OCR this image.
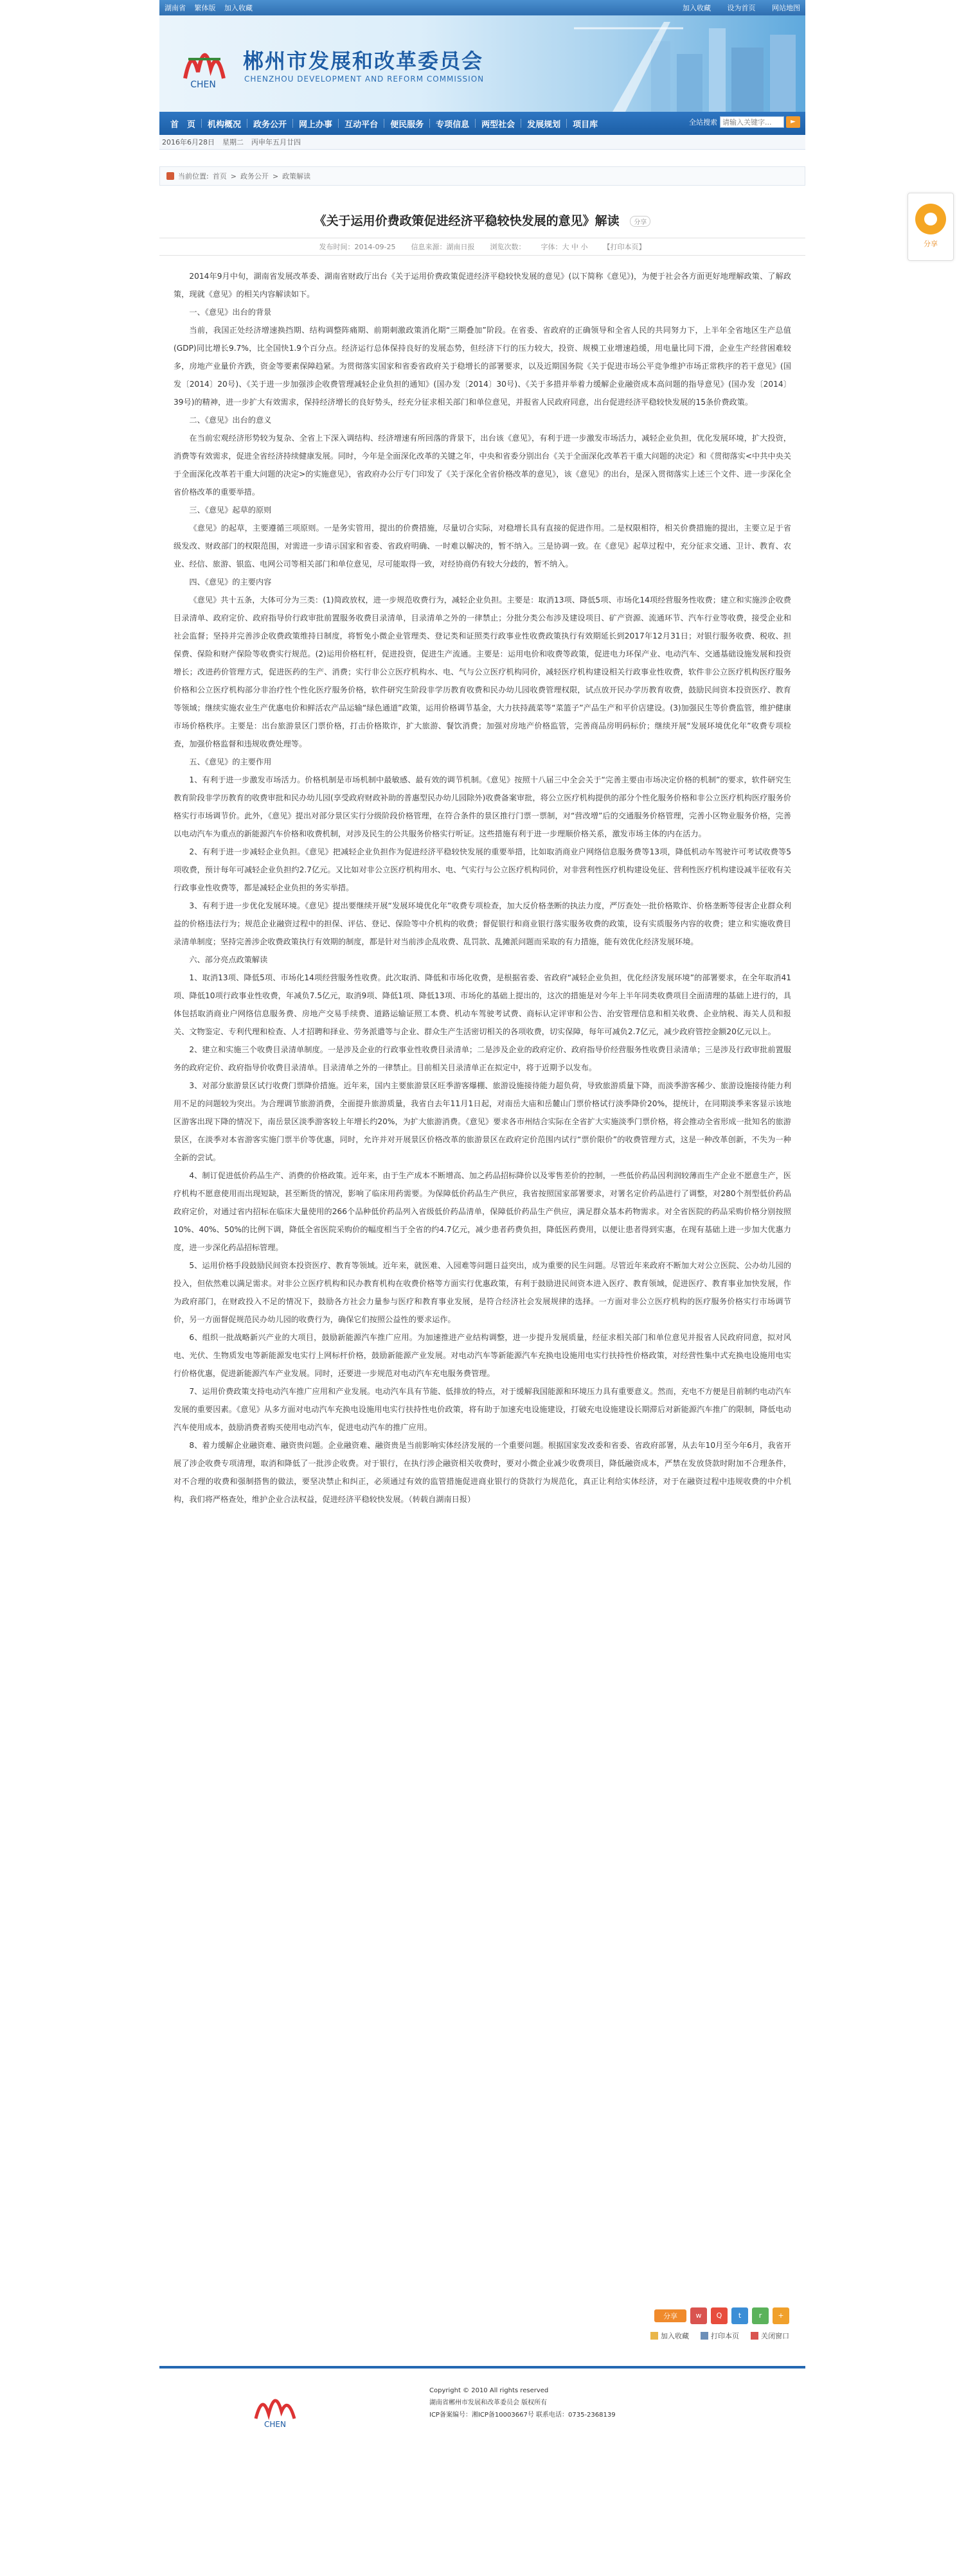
湖南省 繁体版 加入收藏	加入收藏 设为首页 网站地图
CHEN
郴州市发展和改革委员会
CHENZHOU DEVELOPMENT AND REFORM COMMISSION
首　页	机构概况	政务公开	网上办事	互动平台	便民服务	专项信息	两型社会	发展规划	项目库	全站搜索
请输入关键字...	►
2016年6月28日 星期二 丙申年五月廿四
当前位置: 首页 > 政务公开 > 政策解读
《关于运用价费政策促进经济平稳较快发展的意见》解读 分享
发布时间：2014-09-25 信息来源：湖南日报 浏览次数： 字体：大 中 小 【打印本页】

2014年9月中旬，湖南省发展改革委、湖南省财政厅出台《关于运用价费政策促进经济平稳较快发展的意见》(以下简称《意见》)，为便于社会各方面更好地理解政策、了解政策，现就《意见》的相关内容解读如下。

一、《意见》出台的背景

当前，我国正处经济增速换挡期、结构调整阵痛期、前期刺激政策消化期“三期叠加”阶段。在省委、省政府的正确领导和全省人民的共同努力下，上半年全省地区生产总值(GDP)同比增长9.7%，比全国快1.9个百分点。经济运行总体保持良好的发展态势，但经济下行的压力较大，投资、规模工业增速趋缓，用电量比同下滑，企业生产经营困难较多，房地产业量价齐跌，资金等要素保障趋紧。为贯彻落实国家和省委省政府关于稳增长的部署要求，以及近期国务院《关于促进市场公平竞争维护市场正常秩序的若干意见》(国发〔2014〕20号)、《关于进一步加强涉企收费管理减轻企业负担的通知》(国办发〔2014〕30号)、《关于多措并举着力缓解企业融资成本高问题的指导意见》(国办发〔2014〕39号)的精神，进一步扩大有效需求，保持经济增长的良好势头，经充分征求相关部门和单位意见，并报省人民政府同意，出台促进经济平稳较快发展的15条价费政策。

二、《意见》出台的意义

在当前宏观经济形势较为复杂、全省上下深入调结构、经济增速有所回落的背景下，出台该《意见》，有利于进一步激发市场活力，减轻企业负担，优化发展环境，扩大投资，消费等有效需求，促进全省经济持续健康发展。同时，今年是全面深化改革的关键之年，中央和省委分别出台《关于全面深化改革若干重大问题的决定》和《贯彻落实<中共中央关于全面深化改革若干重大问题的决定>的实施意见》，省政府办公厅专门印发了《关于深化全省价格改革的意见》，该《意见》的出台，是深入贯彻落实上述三个文件、进一步深化全省价格改革的重要举措。

三、《意见》起草的原则

《意见》的起草，主要遵循三项原则。一是务实管用，提出的价费措施，尽量切合实际，对稳增长具有直接的促进作用。二是权限相符，相关价费措施的提出，主要立足于省级发改、财政部门的权限范围，对需进一步请示国家和省委、省政府明确、一时难以解决的，暂不纳入。三是协调一致。在《意见》起草过程中，充分征求交通、卫计、教育、农业、经信、旅游、银监、电网公司等相关部门和单位意见，尽可能取得一致，对经协商仍有较大分歧的，暂不纳入。

四、《意见》的主要内容

《意见》共十五条，大体可分为三类：(1)简政放权，进一步规范收费行为，减轻企业负担。主要是：取消13项、降低5项、市场化14项经营服务性收费；建立和实施涉企收费目录清单、政府定价、政府指导价行政审批前置服务收费目录清单，目录清单之外的一律禁止；分批分类公布涉及建设项目、矿产资源、流通环节、汽车行业等收费，接受企业和社会监督；坚持并完善涉企收费政策维持日制度，将暂免小微企业管理类、登记类和证照类行政事业性收费政策执行有效期延长到2017年12月31日；对银行服务收费、税收、担保费、保险和财产保险等收费实行规范。(2)运用价格杠杆，促进投资，促进生产流通。主要是：运用电价和收费等政策，促进电力环保产业、电动汽车、交通基础设施发展和投资增长；改进药价管理方式，促进医药的生产、消费；实行非公立医疗机构水、电、气与公立医疗机构同价，减轻医疗机构建设相关行政事业性收费，软件非公立医疗机构医疗服务价格和公立医疗机构部分非治疗性个性化医疗服务价格，软件研究生阶段非学历教育收费和民办幼儿园收费管理权限，试点放开民办学历教育收费，鼓励民间资本投资医疗、教育等领域；继续实施农业生产优惠电价和鲜活农产品运输“绿色通道”政策，运用价格调节基金，大力扶持蔬菜等“菜篮子”产品生产和平价店建设。(3)加强民生等价费监管，维护健康市场价格秩序。主要是：出台旅游景区门票价格，打击价格欺诈，扩大旅游、餐饮消费；加强对房地产价格监管，完善商品房明码标价；继续开展“发展环境优化年”收费专项检查，加强价格监督和违规收费处理等。

五、《意见》的主要作用

1、有利于进一步激发市场活力。价格机制是市场机制中最敏感、最有效的调节机制。《意见》按照十八届三中全会关于“完善主要由市场决定价格的机制”的要求，软件研究生教育阶段非学历教育的收费审批和民办幼儿园(享受政府财政补助的普惠型民办幼儿园除外)收费备案审批，将公立医疗机构提供的部分个性化服务价格和非公立医疗机构医疗服务价格实行市场调节价。此外，《意见》提出对部分景区实行分级阶段价格管理，在符合条件的景区推行门票一票制，对“营改增”后的交通服务价格管理，完善小区物业服务价格，完善以电动汽车为重点的新能源汽车价格和收费机制，对涉及民生的公共服务价格实行听证。这些措施有利于进一步理顺价格关系，激发市场主体的内在活力。

2、有利于进一步减轻企业负担。《意见》把减轻企业负担作为促进经济平稳较快发展的重要举措，比如取消商业户网络信息服务费等13项，降低机动车驾驶许可考试收费等5项收费，预计每年可减轻企业负担约2.7亿元。又比如对非公立医疗机构用水、电、气实行与公立医疗机构同价，对非营利性医疗机构建设免征、营利性医疗机构建设减半征收有关行政事业性收费等，都是减轻企业负担的务实举措。

3、有利于进一步优化发展环境。《意见》提出要继续开展“发展环境优化年”收费专项检查，加大反价格垄断的执法力度，严厉查处一批价格欺诈、价格垄断等侵害企业群众利益的价格违法行为；规范企业融资过程中的担保、评估、登记、保险等中介机构的收费；督促银行和商业银行落实服务收费的政策，设有实质服务内容的收费；建立和实施收费目录清单制度；坚持完善涉企收费政策执行有效期的制度，都是针对当前涉企乱收费、乱罚款、乱摊派问题而采取的有力措施，能有效优化经济发展环境。

六、部分亮点政策解读

1、取消13项、降低5项、市场化14项经营服务性收费。此次取消、降低和市场化收费，是根据省委、省政府“减轻企业负担，优化经济发展环境”的部署要求，在全年取消41项、降低10项行政事业性收费，年减负7.5亿元，取消9项、降低1项、降低13项、市场化的基础上提出的，这次的措施是对今年上半年同类收费项目全面清理的基础上进行的，具体包括取消商业户网络信息服务费、房地产交易手续费、道路运输证照工本费、机动车驾驶考试费、商标认定评审和公告、治安管理信息和相关收费、企业纳税、海关人员和报关、文物鉴定、专利代理和检查、人才招聘和择业、劳务派遣等与企业、群众生产生活密切相关的各项收费，切实保障，每年可减负2.7亿元，减少政府管控金额20亿元以上。

2、建立和实施三个收费目录清单制度。一是涉及企业的行政事业性收费目录清单；二是涉及企业的政府定价、政府指导价经营服务性收费目录清单；三是涉及行政审批前置服务的政府定价、政府指导价收费目录清单。目录清单之外的一律禁止。目前相关目录清单正在拟定中，将于近期予以发布。

3、对部分旅游景区试行收费门票降价措施。近年来，国内主要旅游景区旺季游客爆棚、旅游设施接待能力超负荷，导致旅游质量下降，而淡季游客稀少、旅游设施接待能力利用不足的问题较为突出。为合理调节旅游消费，全面提升旅游质量，我省自去年11月1日起，对南岳大庙和岳麓山门票价格试行淡季降价20%，提统计，在同期淡季来客显示该地区游客出现下降的情况下，南岳景区淡季游客较上年增长约20%，为扩大旅游消费。《意见》要求各市州结合实际在全省扩大实施淡季门票价格，将会推动全省形成一批知名的旅游景区，在淡季对本省游客实施门票半价等优惠，同时，允许并对开展景区价格改革的旅游景区在政府定价范围内试行“票价限价”的收费管理方式，这是一种改革创新，不失为一种全新的尝试。

4、制订促进低价药品生产、消费的价格政策。近年来，由于生产成本不断增高、加之药品招标降价以及零售差价的控制，一些低价药品因利润较薄而生产企业不愿意生产，医疗机构不愿意使用而出现短缺，甚至断货的情况，影响了临床用药需要。为保障低价药品生产供应，我省按照国家部署要求，对署名定价药品进行了调整，对280个剂型低价药品政府定价，对通过省内招标在临床大量使用的266个品种低价药品列入省级低价药品清单，保障低价药品生产供应，满足群众基本药物需求。对全省医院的药品采购价格分别按照10%、40%、50%的比例下调，降低全省医院采购价的幅度相当于全省的约4.7亿元，减少患者药费负担，降低医药费用，以便让患者得到实惠，在现有基础上进一步加大优惠力度，进一步深化药品招标管理。

5、运用价格手段鼓励民间资本投资医疗、教育等领域。近年来，就医难、入园难等问题日益突出，成为重要的民生问题。尽管近年来政府不断加大对公立医院、公办幼儿园的投入，但依然难以满足需求。对非公立医疗机构和民办教育机构在收费价格等方面实行优惠政策，有利于鼓励进民间资本进入医疗、教育领域，促进医疗、教育事业加快发展，作为政府部门，在财政投入不足的情况下，鼓励各方社会力量参与医疗和教育事业发展，是符合经济社会发展规律的选择。一方面对非公立医疗机构的医疗服务价格实行市场调节价，另一方面督促规范民办幼儿园的收费行为，确保它们按照公益性的要求运作。

6、组织一批战略新兴产业的大项目，鼓励新能源汽车推广应用。为加速推进产业结构调整，进一步提升发展质量，经征求相关部门和单位意见并报省人民政府同意，拟对风电、光伏、生物质发电等新能源发电实行上网标杆价格，鼓励新能源产业发展。对电动汽车等新能源汽车充换电设施用电实行扶持性价格政策，对经营性集中式充换电设施用电实行价格优惠，促进新能源汽车产业发展。同时，还要进一步规范对电动汽车充电服务费管理。

7、运用价费政策支持电动汽车推广应用和产业发展。电动汽车具有节能、低排放的特点，对于缓解我国能源和环境压力具有重要意义。然而，充电不方便是目前制约电动汽车发展的重要因素。《意见》从多方面对电动汽车充换电设施用电实行扶持性电价政策，将有助于加速充电设施建设，打破充电设施建设长期滞后对新能源汽车推广的限制，降低电动汽车使用成本，鼓励消费者购买使用电动汽车，促进电动汽车的推广应用。

8、着力缓解企业融资难、融资贵问题。企业融资难、融资贵是当前影响实体经济发展的一个重要问题。根据国家发改委和省委、省政府部署，从去年10月至今年6月，我省开展了涉企收费专项清理，取消和降低了一批涉企收费。对于银行，在执行涉企融资相关收费时，要对小微企业减少收费项目，降低融资成本，严禁在发放贷款时附加不合理条件，对不合理的收费和强制搭售的做法，要坚决禁止和纠正，必须通过有效的监管措施促进商业银行的贷款行为规范化，真正让利给实体经济，对于在融资过程中违规收费的中介机构，我们将严格查处，维护企业合法权益，促进经济平稳较快发展。（转载自湖南日报）

分享	w	Q	t	r	+
加入收藏	打印本页	关闭窗口
CHEN
Copyright © 2010 All rights reserved
湖南省郴州市发展和改革委员会 版权所有
ICP备案编号：湘ICP备10003667号 联系电话：0735-2368139
分享
